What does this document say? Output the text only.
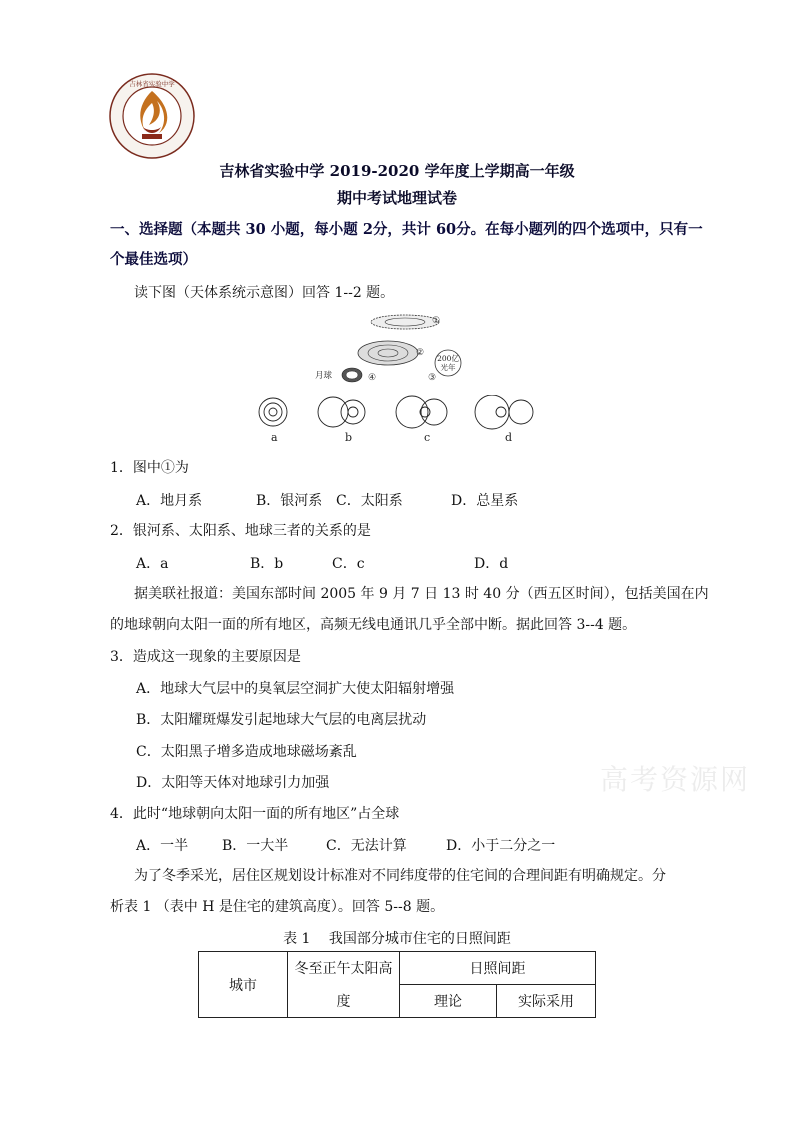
吉林省实验中学
吉林省实验中学 2019-2020 学年度上学期高一年级
期中考试地理试卷
一、选择题（本题共 30 小题，每小题 2分，共计 60分。在每小题列的四个选项中，只有一
个最佳选项）
读下图（天体系统示意图）回答 1--2 题。
①
②
月球	④
200亿
光年
③
a	b	c	d
1．图中①为
A．地月系	B．银河系 C．太阳系	D．总星系
2．银河系、太阳系、地球三者的关系的是
A．a	B．b	C．c	D．d
据美联社报道：美国东部时间 2005 年 9 月 7 日 13 时 40 分（西五区时间），包括美国在内
的地球朝向太阳一面的所有地区，高频无线电通讯几乎全部中断。据此回答 3--4 题。
3．造成这一现象的主要原因是
A．地球大气层中的臭氧层空洞扩大使太阳辐射增强
B．太阳耀斑爆发引起地球大气层的电离层扰动
C．太阳黑子增多造成地球磁场紊乱
D．太阳等天体对地球引力加强	高考资源网
4．此时“地球朝向太阳一面的所有地区”占全球
A．一半 B．一大半	C．无法计算	D．小于二分之一
为了冬季采光，居住区规划设计标准对不同纬度带的住宅间的合理间距有明确规定。分
析表 1 （表中 H 是住宅的建筑高度）。回答 5--8 题。
表 1　 我国部分城市住宅的日照间距
城市	冬至正午太阳高	日照间距	
	度	理论	实际采用
